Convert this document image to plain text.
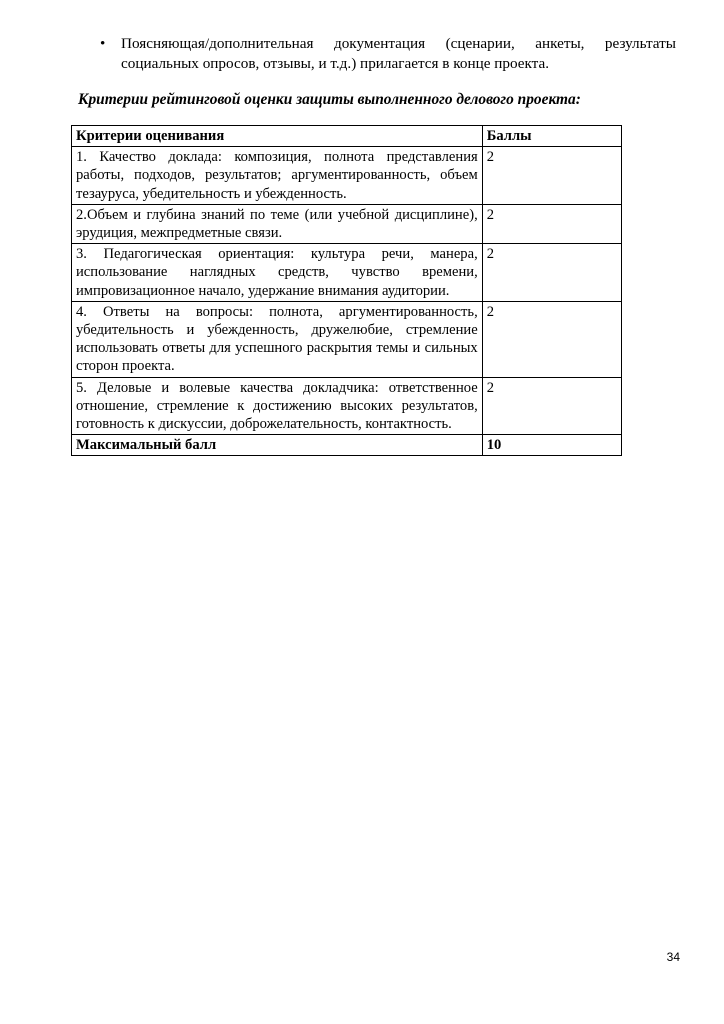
• Поясняющая/дополнительная документация (сценарии, анкеты, результаты социальных опросов, отзывы, и т.д.) прилагается в конце проекта.
Критерии рейтинговой оценки защиты выполненного делового проекта:
Критерии оценивания	Баллы
1. Качество доклада: композиция, полнота представления работы, подходов, результатов; аргументированность, объем тезауруса, убедительность и убежденность.	2
2.Объем и глубина знаний по теме (или учебной дисциплине), эрудиция, межпредметные связи.	2
3. Педагогическая ориентация: культура речи, манера, использование наглядных средств, чувство времени, импровизационное начало, удержание внимания аудитории.	2
4. Ответы на вопросы: полнота, аргументированность, убедительность и убежденность, дружелюбие, стремление использовать ответы для успешного раскрытия темы и сильных сторон проекта.	2
5. Деловые и волевые качества докладчика: ответственное отношение, стремление к достижению высоких результатов, готовность к дискуссии, доброжелательность, контактность.	2
Максимальный балл	10
34
